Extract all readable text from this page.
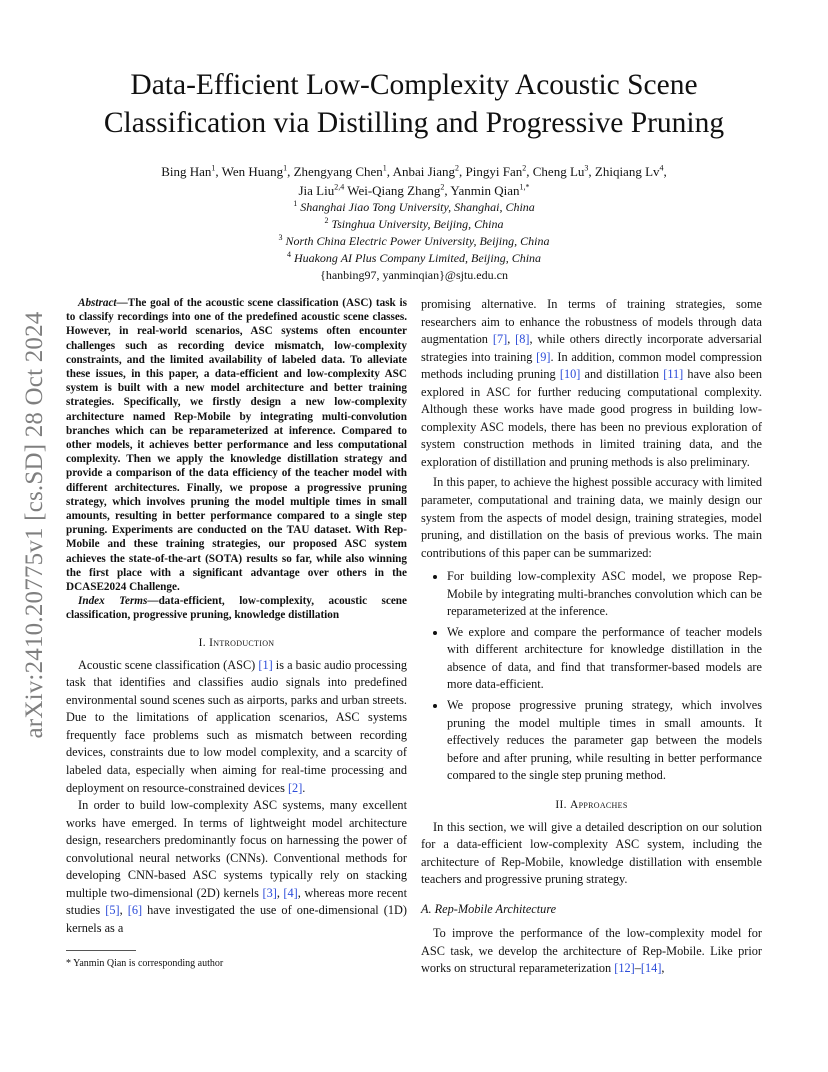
arXiv:2410.20775v1 [cs.SD] 28 Oct 2024
Data-Efficient Low-Complexity Acoustic Scene
Classification via Distilling and Progressive Pruning
Bing Han$^1$, Wen Huang$^1$, Zhengyang Chen$^1$, Anbai Jiang$^2$, Pingyi Fan$^2$, Cheng Lu$^3$, Zhiqiang Lv$^4$,
Jia Liu$^{2,4}$ Wei-Qiang Zhang$^2$, Yanmin Qian$^{1,*}$
$^1$ Shanghai Jiao Tong University, Shanghai, China
$^2$ Tsinghua University, Beijing, China
$^3$ North China Electric Power University, Beijing, China
$^4$ Huakong AI Plus Company Limited, Beijing, China
{hanbing97, yanminqian}@sjtu.edu.cn

Abstract—The goal of the acoustic scene classification (ASC) task is to classify recordings into one of the predefined acoustic scene classes. However, in real-world scenarios, ASC systems often encounter challenges such as recording device mismatch, low-complexity constraints, and the limited availability of labeled data. To alleviate these issues, in this paper, a data-efficient and low-complexity ASC system is built with a new model architecture and better training strategies. Specifically, we firstly design a new low-complexity architecture named Rep-Mobile by integrating multi-convolution branches which can be reparameterized at inference. Compared to other models, it achieves better performance and less computational complexity. Then we apply the knowledge distillation strategy and provide a comparison of the data efficiency of the teacher model with different architectures. Finally, we propose a progressive pruning strategy, which involves pruning the model multiple times in small amounts, resulting in better performance compared to a single step pruning. Experiments are conducted on the TAU dataset. With Rep-Mobile and these training strategies, our proposed ASC system achieves the state-of-the-art (SOTA) results so far, while also winning the first place with a significant advantage over others in the DCASE2024 Challenge.

Index Terms—data-efficient, low-complexity, acoustic scene classification, progressive pruning, knowledge distillation

I. Introduction

Acoustic scene classification (ASC) [1] is a basic audio processing task that identifies and classifies audio signals into predefined environmental sound scenes such as airports, parks and urban streets. Due to the limitations of application scenarios, ASC systems frequently face problems such as mismatch between recording devices, constraints due to low model complexity, and a scarcity of labeled data, especially when aiming for real-time processing and deployment on resource-constrained devices [2].

In order to build low-complexity ASC systems, many excellent works have emerged. In terms of lightweight model architecture design, researchers predominantly focus on harnessing the power of convolutional neural networks (CNNs). Conventional methods for developing CNN-based ASC systems typically rely on stacking multiple two-dimensional (2D) kernels [3], [4], whereas more recent studies [5], [6] have investigated the use of one-dimensional (1D) kernels as a

* Yanmin Qian is corresponding author

promising alternative. In terms of training strategies, some researchers aim to enhance the robustness of models through data augmentation [7], [8], while others directly incorporate adversarial strategies into training [9]. In addition, common model compression methods including pruning [10] and distillation [11] have also been explored in ASC for further reducing computational complexity. Although these works have made good progress in building low-complexity ASC models, there has been no previous exploration of system construction methods in limited training data, and the exploration of distillation and pruning methods is also preliminary.

In this paper, to achieve the highest possible accuracy with limited parameter, computational and training data, we mainly design our system from the aspects of model design, training strategies, model pruning, and distillation on the basis of previous works. The main contributions of this paper can be summarized:

• For building low-complexity ASC model, we propose Rep-Mobile by integrating multi-branches convolution which can be reparameterized at the inference.
• We explore and compare the performance of teacher models with different architecture for knowledge distillation in the absence of data, and find that transformer-based models are more data-efficient.
• We propose progressive pruning strategy, which involves pruning the model multiple times in small amounts. It effectively reduces the parameter gap between the models before and after pruning, while resulting in better performance compared to the single step pruning method.
II. Approaches

In this section, we will give a detailed description on our solution for a data-efficient low-complexity ASC system, including the architecture of Rep-Mobile, knowledge distillation with ensemble teachers and progressive pruning strategy.

A. Rep-Mobile Architecture

To improve the performance of the low-complexity model for ASC task, we develop the architecture of Rep-Mobile. Like prior works on structural reparameterization [12]–[14],
